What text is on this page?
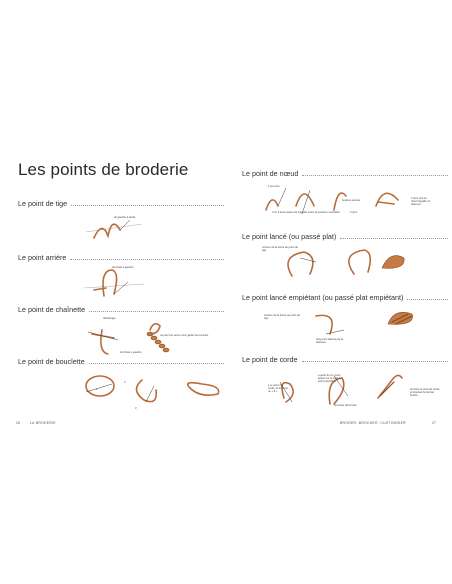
Les points de broderie
Le point de tige
de gauche à droite
Le point arrière
de droite à gauche
Le point de chaînette
démarrage
ne pas trop serrer pour garder les boucles
de droite à gauche
Le point de bouclette
1
2
3
Le point de nœud
1 ère tenu
2 ou 3 tours autour de l'aiguille selon la grosseur souhaitée
boucles serrées
3 tenu
4 tenu tout en tirant l'aiguille en dessous
Le point lancé (ou passé plat)
contour de la forme au point de tige
Le point lancé empiétant (ou passé plat empiétant)
contour de la forme au point de tige
long point alterné par le dessous
Le point de corde
1 er point de corde, le fil forme un « 8 »
à partir du 2 e point, piquer sur le côté du point précédent
terminer le point de corde et bouclant le dernier boucle
remonter dans l'axe
26	LA BRODERIE	BRODER, BROCHER, CUSTOMISER	27
